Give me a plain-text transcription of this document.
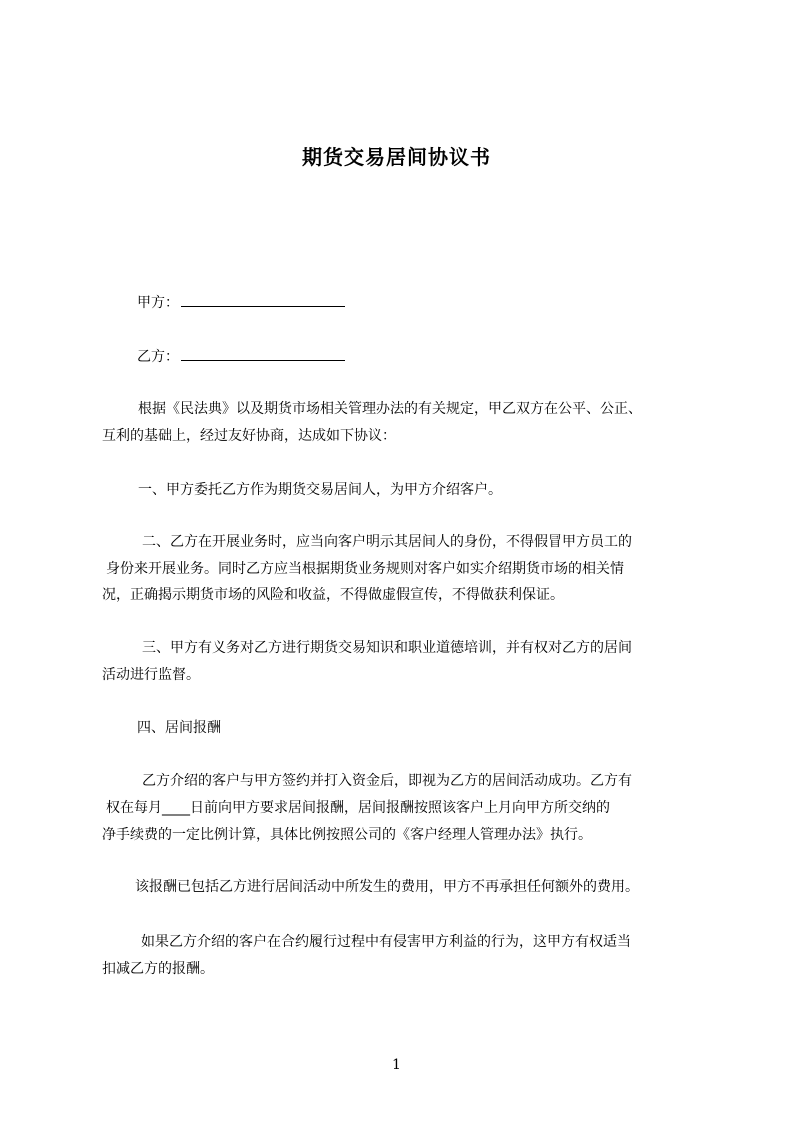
期货交易居间协议书
甲方：
乙方：
根据《民法典》以及期货市场相关管理办法的有关规定，甲乙双方在公平、公正、
互利的基础上，经过友好协商，达成如下协议：
一、甲方委托乙方作为期货交易居间人，为甲方介绍客户。
二、乙方在开展业务时，应当向客户明示其居间人的身份，不得假冒甲方员工的
身份来开展业务。同时乙方应当根据期货业务规则对客户如实介绍期货市场的相关情
况，正确揭示期货市场的风险和收益，不得做虚假宣传，不得做获利保证。
三、甲方有义务对乙方进行期货交易知识和职业道德培训，并有权对乙方的居间
活动进行监督。
四、居间报酬
乙方介绍的客户与甲方签约并打入资金后，即视为乙方的居间活动成功。乙方有
权在每月____日前向甲方要求居间报酬，居间报酬按照该客户上月向甲方所交纳的
净手续费的一定比例计算，具体比例按照公司的《客户经理人管理办法》执行。
该报酬已包括乙方进行居间活动中所发生的费用，甲方不再承担任何额外的费用。
如果乙方介绍的客户在合约履行过程中有侵害甲方利益的行为，这甲方有权适当
扣减乙方的报酬。
1
